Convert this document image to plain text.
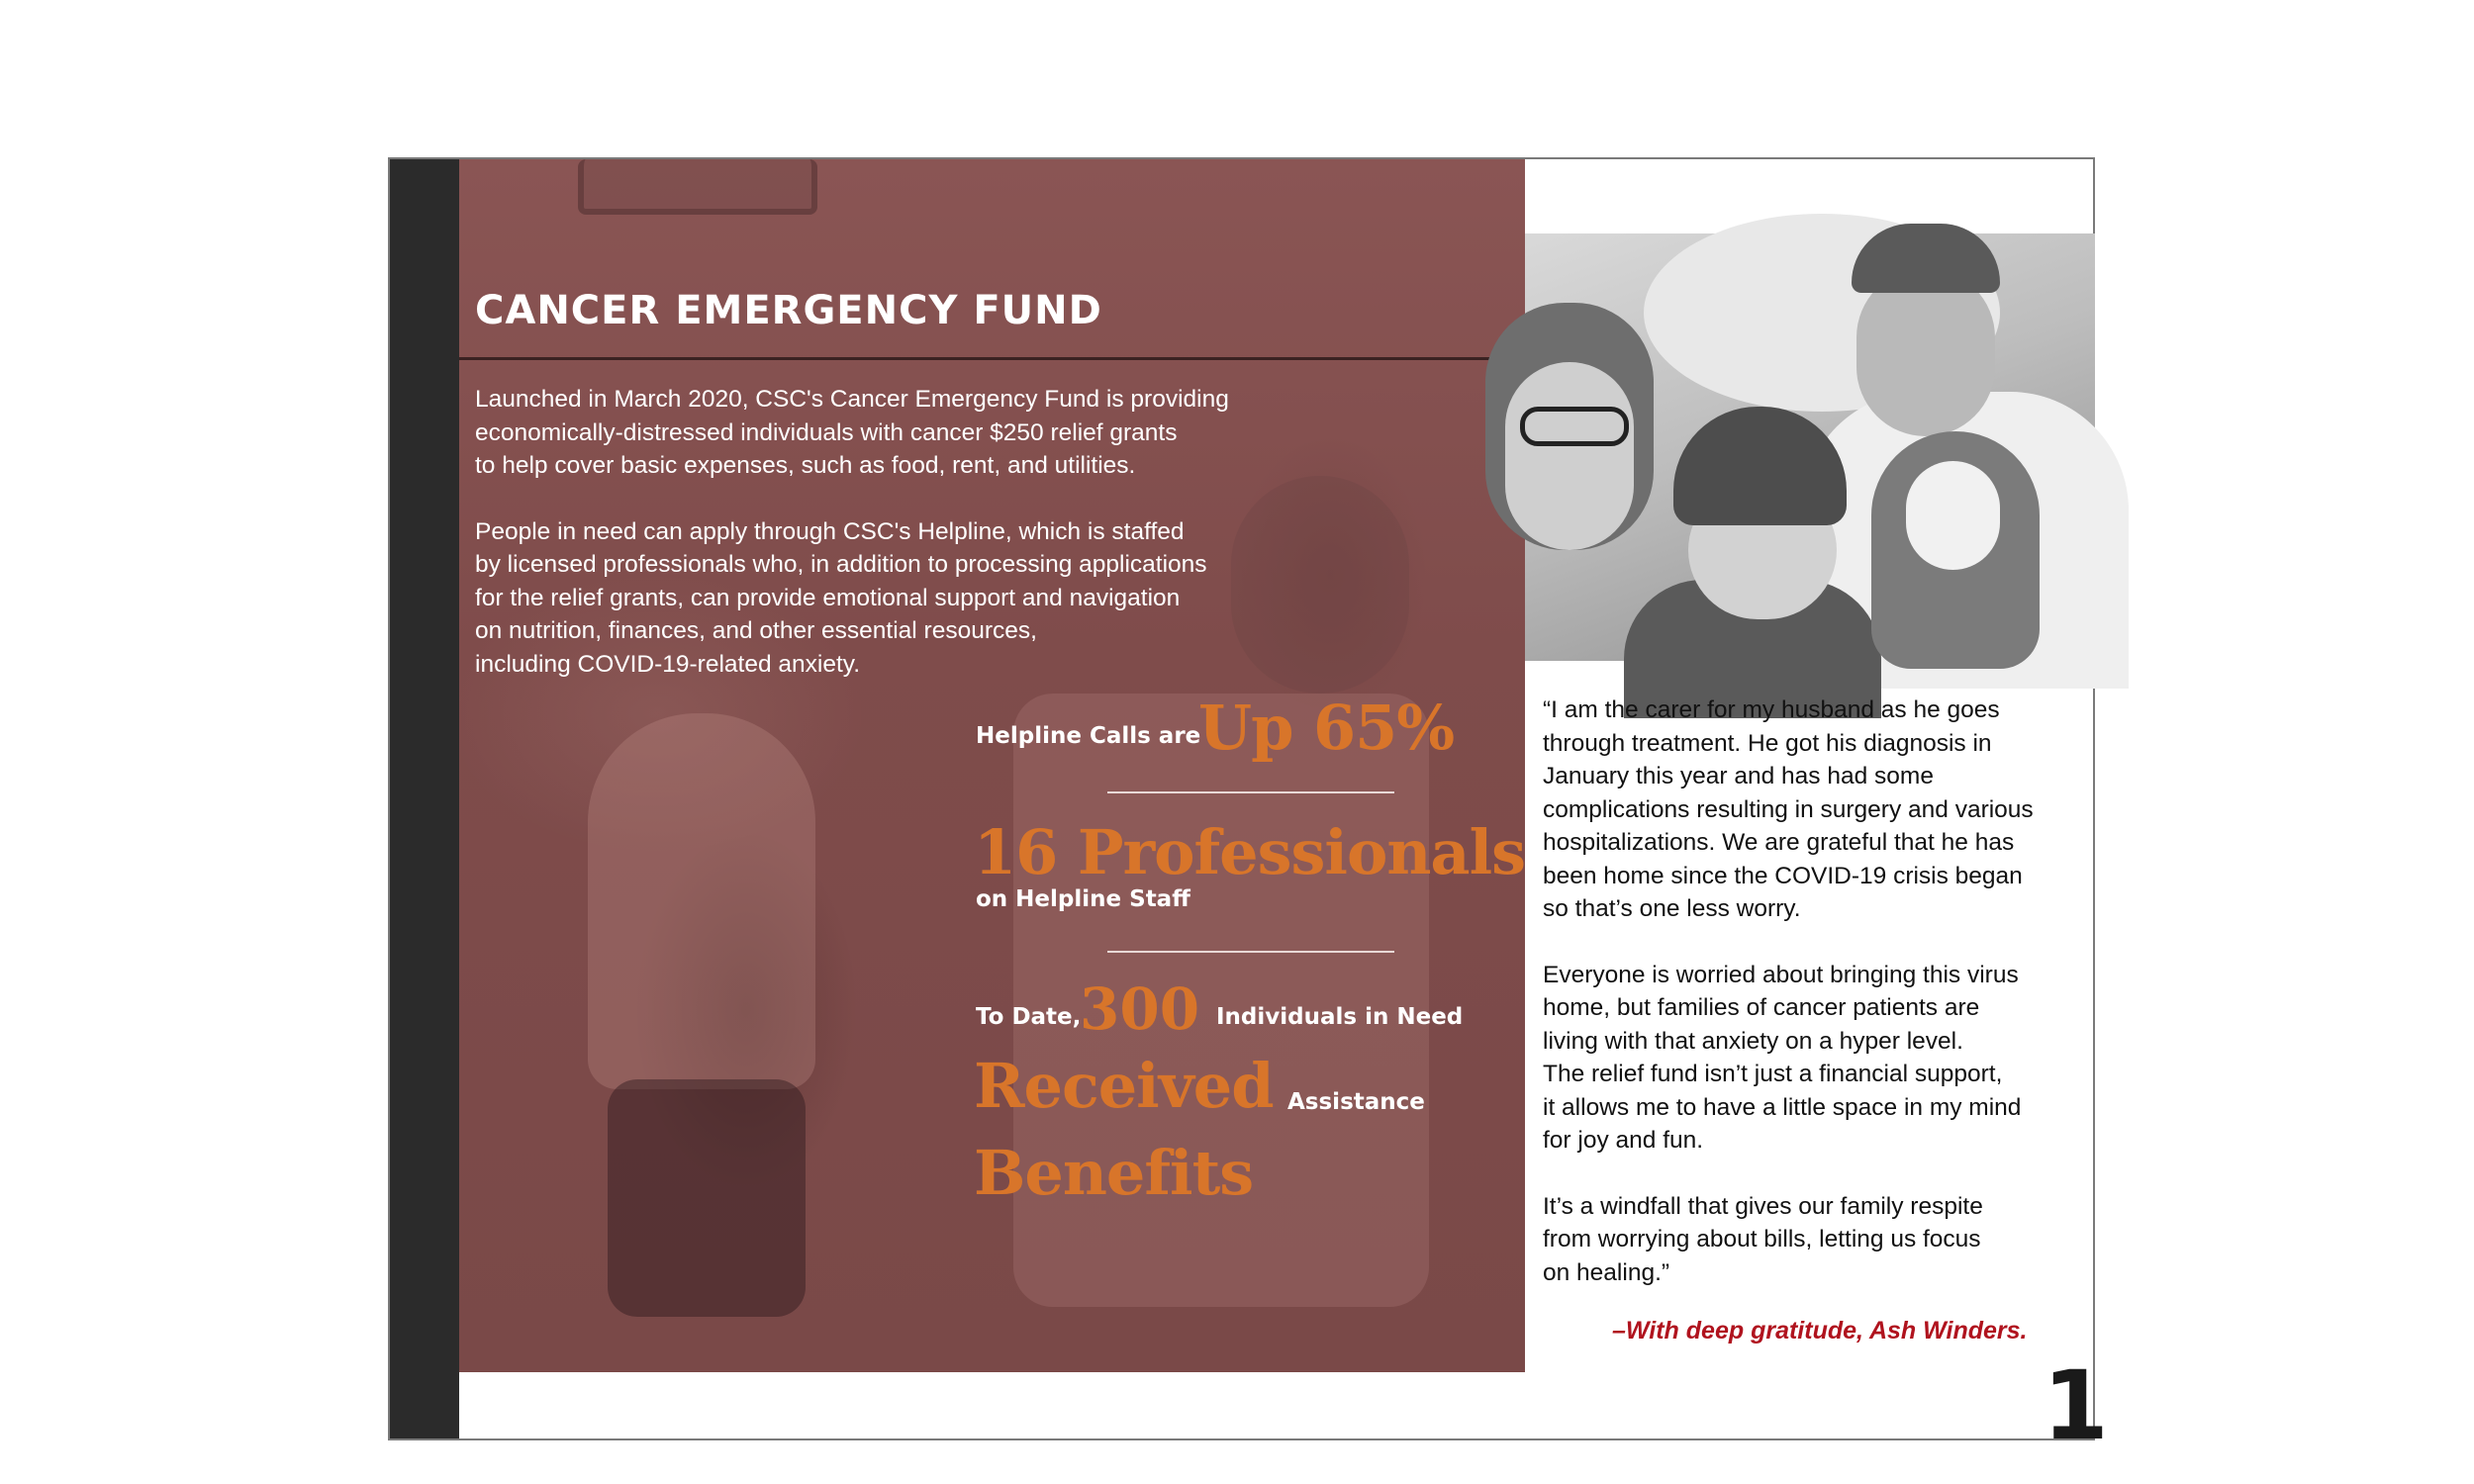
CANCER EMERGENCY FUND

Launched in March 2020, CSC's Cancer Emergency Fund is providing
economically-distressed individuals with cancer $250 relief grants
to help cover basic expenses, such as food, rent, and utilities.

People in need can apply through CSC's Helpline, which is staffed
by licensed professionals who, in addition to processing applications
for the relief grants, can provide emotional support and navigation
on nutrition, finances, and other essential resources,
including COVID-19-related anxiety.

Helpline Calls are
Up 65%
16 Professionals
on Helpline Staff
To Date,
300 Individuals in Need
Received Assistance
Benefits

“I am the carer for my husband as he goes
through treatment. He got his diagnosis in
January this year and has had some
complications resulting in surgery and various
hospitalizations. We are grateful that he has
been home since the COVID-19 crisis began
so that’s one less worry.

Everyone is worried about bringing this virus
home, but families of cancer patients are
living with that anxiety on a hyper level.
The relief fund isn’t just a financial support,
it allows me to have a little space in my mind
for joy and fun.

It’s a windfall that gives our family respite
from worrying about bills, letting us focus
on healing.”

–With deep gratitude, Ash Winders.
1
